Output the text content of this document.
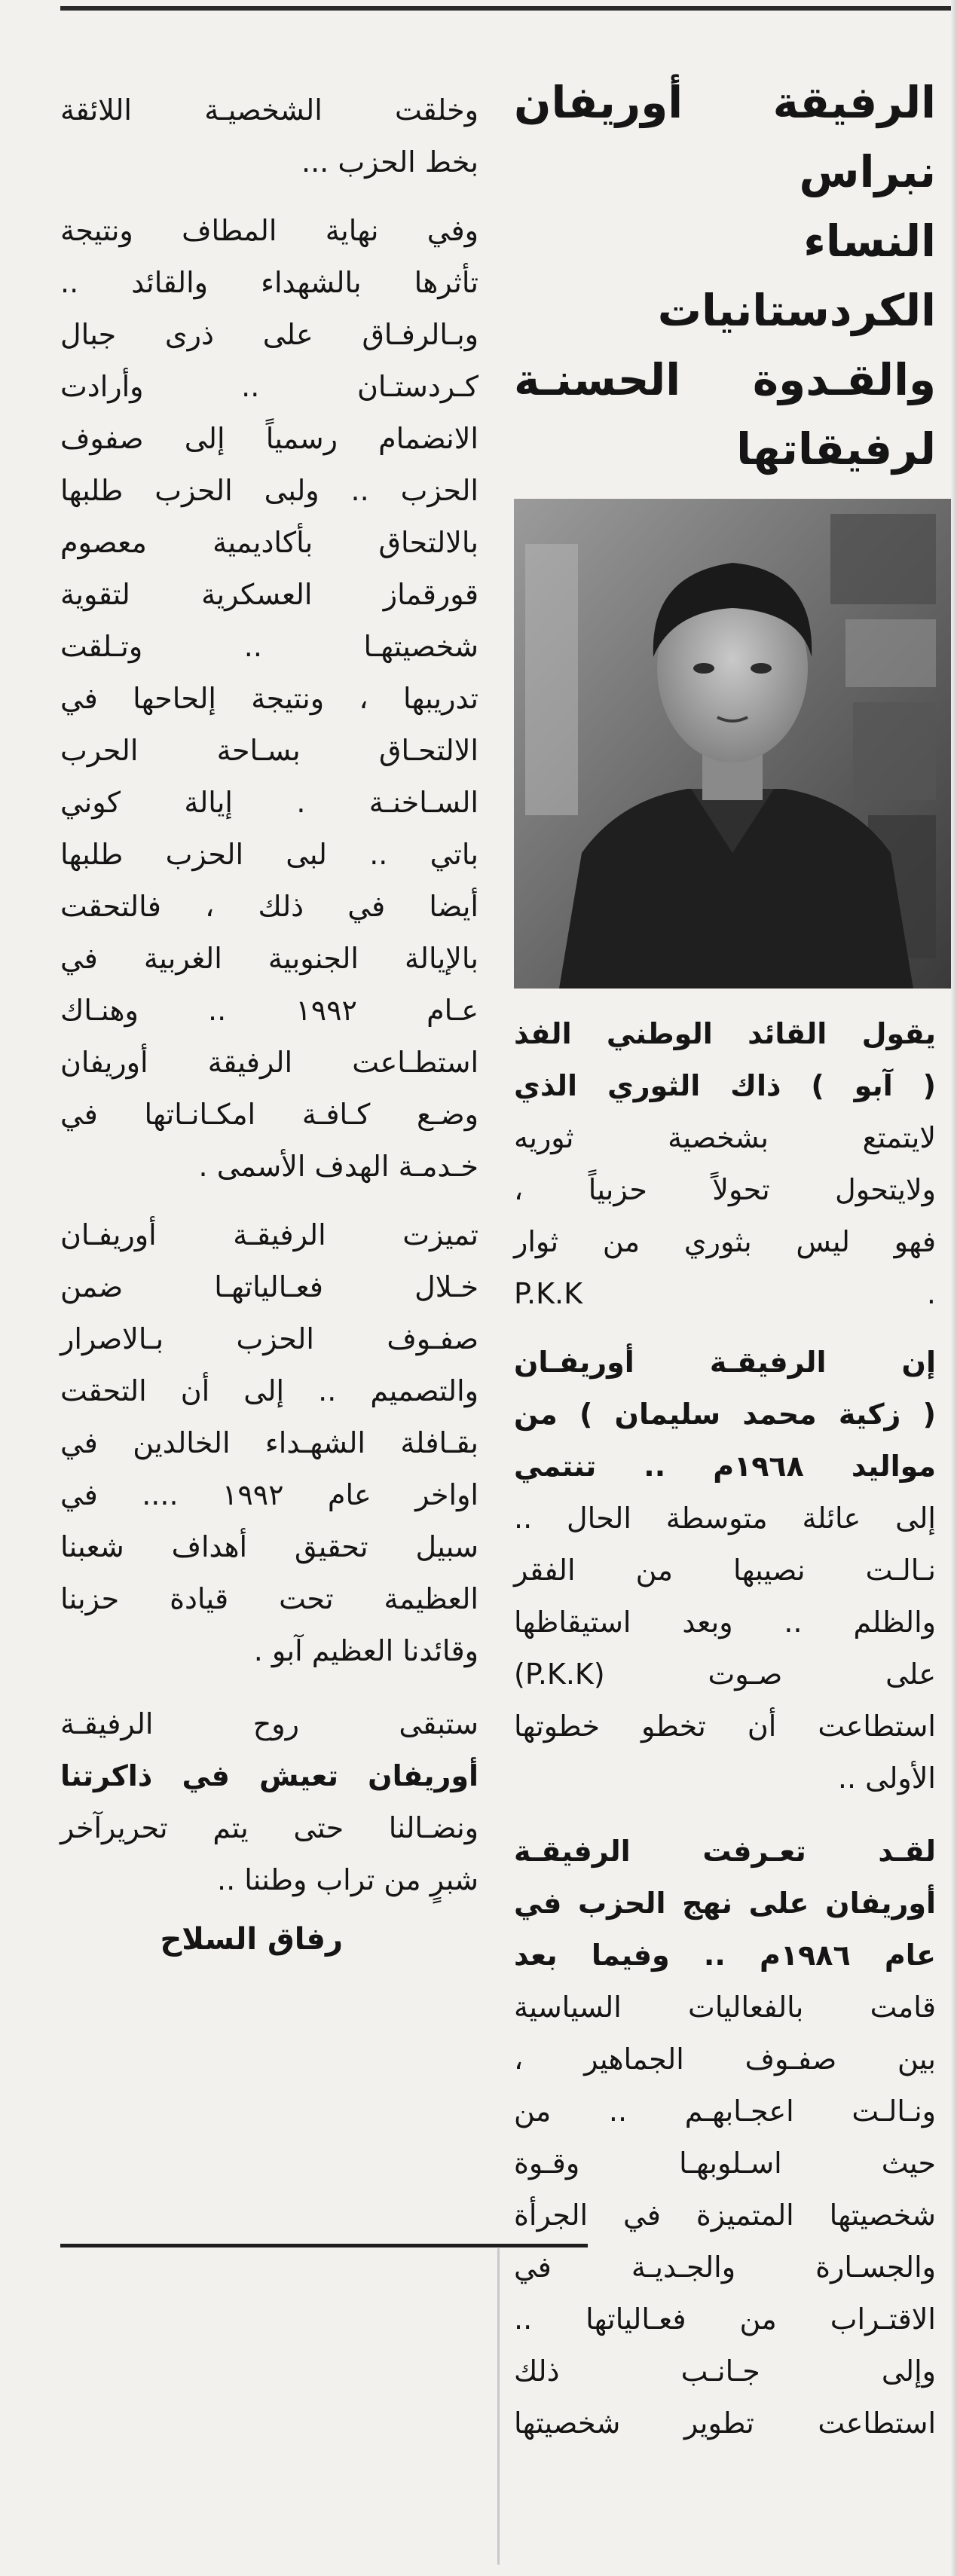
الرفيقة أوريفان نبراس
النساء الكردستانيات
والقـدوة الحسنـة
لرفيقاتها

يقول القائد الوطني الفذ
( آبو ) ذاك الثوري الذي

لايتمتع بشخصية ثوريه
ولايتحول تحولاً حزبياً ،
فهو ليس بثوري من ثوار
. P.K.K

إن الرفيقـة أوريفـان
( زكية محمد سليمان ) من
مواليد ١٩٦٨م .. تنتمي
إلى عائلة متوسطة الحال ..
نـالـت نصيبها من الفقر
والظلم .. وبعد استيقاظها
على صـوت (P.K.K)
استطاعت أن تخطو خطوتها
الأولى ..

لقـد تعـرفت الرفيقـة
أوريفان على نهج الحزب في
عام ١٩٨٦م .. وفيما بعد
قامت بالفعاليات السياسية
بين صفـوف الجماهير ،
ونـالـت اعجـابهـم .. من
حيث اسـلوبهـا وقـوة
شخصيتها المتميزة في الجرأة
والجسـارة والجـديـة في
الاقتـراب من فعـالياتها ..
وإلى جـانـب ذلك
استطاعت تطوير شخصيتها

وخلقت الشخصيـة اللائقة
بخط الحزب ...

وفي نهاية المطاف ونتيجة
تأثرها بالشهداء والقائد ..
وبـالرفـاق على ذرى جبال
كـردستـان .. وأرادت
الانضمام رسمياً إلى صفوف
الحزب .. ولبى الحزب طلبها
بالالتحاق بأكاديمية معصوم
قورقماز العسكرية لتقوية
شخصيتهـا .. وتـلقت
تدريبها ، ونتيجة إلحاحها في
الالتحـاق بسـاحة الحرب
السـاخنـة . إيالة كوني
باتي .. لبى الحزب طلبها
أيضا في ذلك ، فالتحقت
بالإيالة الجنوبية الغربية في
عـام ١٩٩٢ .. وهنـاك
استطـاعت الرفيقة أوريفان
وضـع كـافـة امكـانـاتها في
خـدمـة الهدف الأسمى .

تميزت الرفيقـة أوريفـان
خـلال فعـالياتهـا ضمن
صفـوف الحزب بـالاصرار
والتصميم .. إلى أن التحقت
بقـافلة الشهـداء الخالدين في
اواخر عام ١٩٩٢ .... في
سبيل تحقيق أهداف شعبنا
العظيمة تحت قيادة حزبنا
وقائدنا العظيم آبو .

ستبقى روح الرفيقـة
أوريفان تعيش في ذاكرتنا
ونضـالنا حتى يتم تحريرآخر
شبرٍ من تراب وطننا ..

رفاق السلاح
